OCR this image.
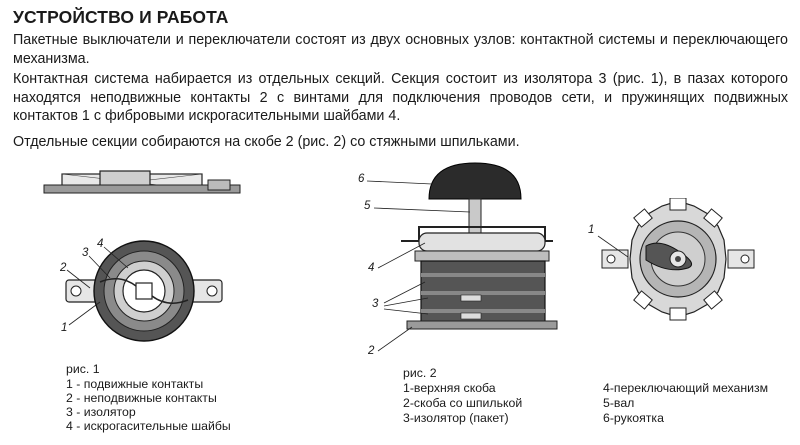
УСТРОЙСТВО И РАБОТА
Пакетные выключатели и переключатели состоят из двух основных узлов: контактной системы и переключающего механизма.
Контактная система набирается из отдельных секций. Секция состоит из изолятора 3 (рис. 1), в пазах которого находятся неподвижные контакты 2 с винтами для подключения проводов сети, и пружинящих подвижных контактов 1 с фибровыми искрогасительными шайбами 4.
Отдельные секции собираются на скобе 2 (рис. 2) со стяжными шпильками.
2
3
4
1
рис. 1
1 - подвижные контакты
2 - неподвижные контакты
3 - изолятор
4 - искрогасительные шайбы
6
5
4
3
2
рис. 2
1-верхняя скоба
2-скоба со шпилькой
3-изолятор (пакет)
4-переключающий механизм
5-вал
6-рукоятка
1
